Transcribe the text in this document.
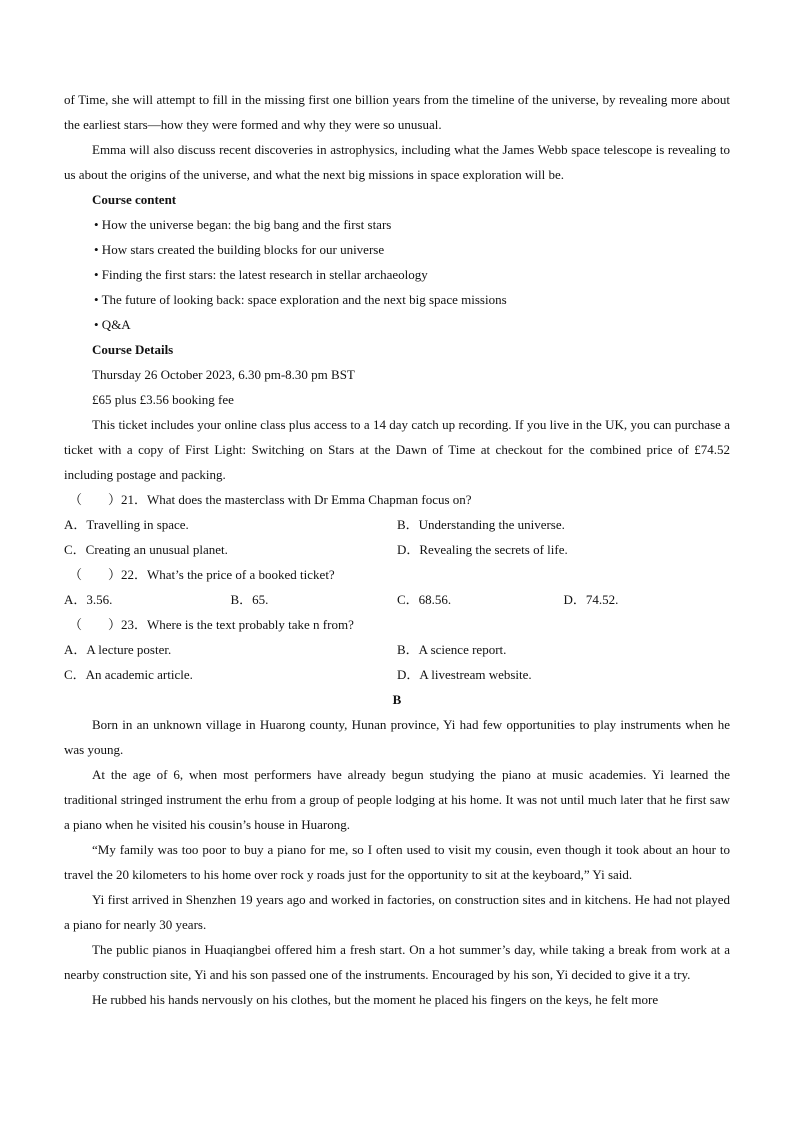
of Time, she will attempt to fill in the missing first one billion years from the timeline of the universe, by revealing more about the earliest stars—how they were formed and why they were so unusual.

Emma will also discuss recent discoveries in astrophysics, including what the James Webb space telescope is revealing to us about the origins of the universe, and what the next big missions in space exploration will be.

Course content

• How the universe began: the big bang and the first stars

• How stars created the building blocks for our universe

• Finding the first stars: the latest research in stellar archaeology

• The future of looking back: space exploration and the next big space missions

• Q&A

Course Details

Thursday 26 October 2023, 6.30 pm-8.30 pm BST

£65 plus £3.56 booking fee

This ticket includes your online class plus access to a 14 day catch up recording. If you live in the UK, you can purchase a ticket with a copy of First Light: Switching on Stars at the Dawn of Time at checkout for the combined price of £74.52 including postage and packing.

（　　）21．What does the masterclass with Dr Emma Chapman focus on?

A．Travelling in space.	B．Understanding the universe.
C．Creating an unusual planet.	D．Revealing the secrets of life.

（　　）22．What’s the price of a booked ticket?

A．3.56.	B．65.	C．68.56.	D．74.52.

（　　）23．Where is the text probably take n from?

A．A lecture poster.	B．A science report.
C．An academic article.	D．A livestream website.

B

Born in an unknown village in Huarong county, Hunan province, Yi had few opportunities to play instruments when he was young.

At the age of 6, when most performers have already begun studying the piano at music academies. Yi learned the traditional stringed instrument the erhu from a group of people lodging at his home. It was not until much later that he first saw a piano when he visited his cousin’s house in Huarong.

“My family was too poor to buy a piano for me, so I often used to visit my cousin, even though it took about an hour to travel the 20 kilometers to his home over rock y roads just for the opportunity to sit at the keyboard,” Yi said.

Yi first arrived in Shenzhen 19 years ago and worked in factories, on construction sites and in kitchens. He had not played a piano for nearly 30 years.

The public pianos in Huaqiangbei offered him a fresh start. On a hot summer’s day, while taking a break from work at a nearby construction site, Yi and his son passed one of the instruments. Encouraged by his son, Yi decided to give it a try.

He rubbed his hands nervously on his clothes, but the moment he placed his fingers on the keys, he felt more
